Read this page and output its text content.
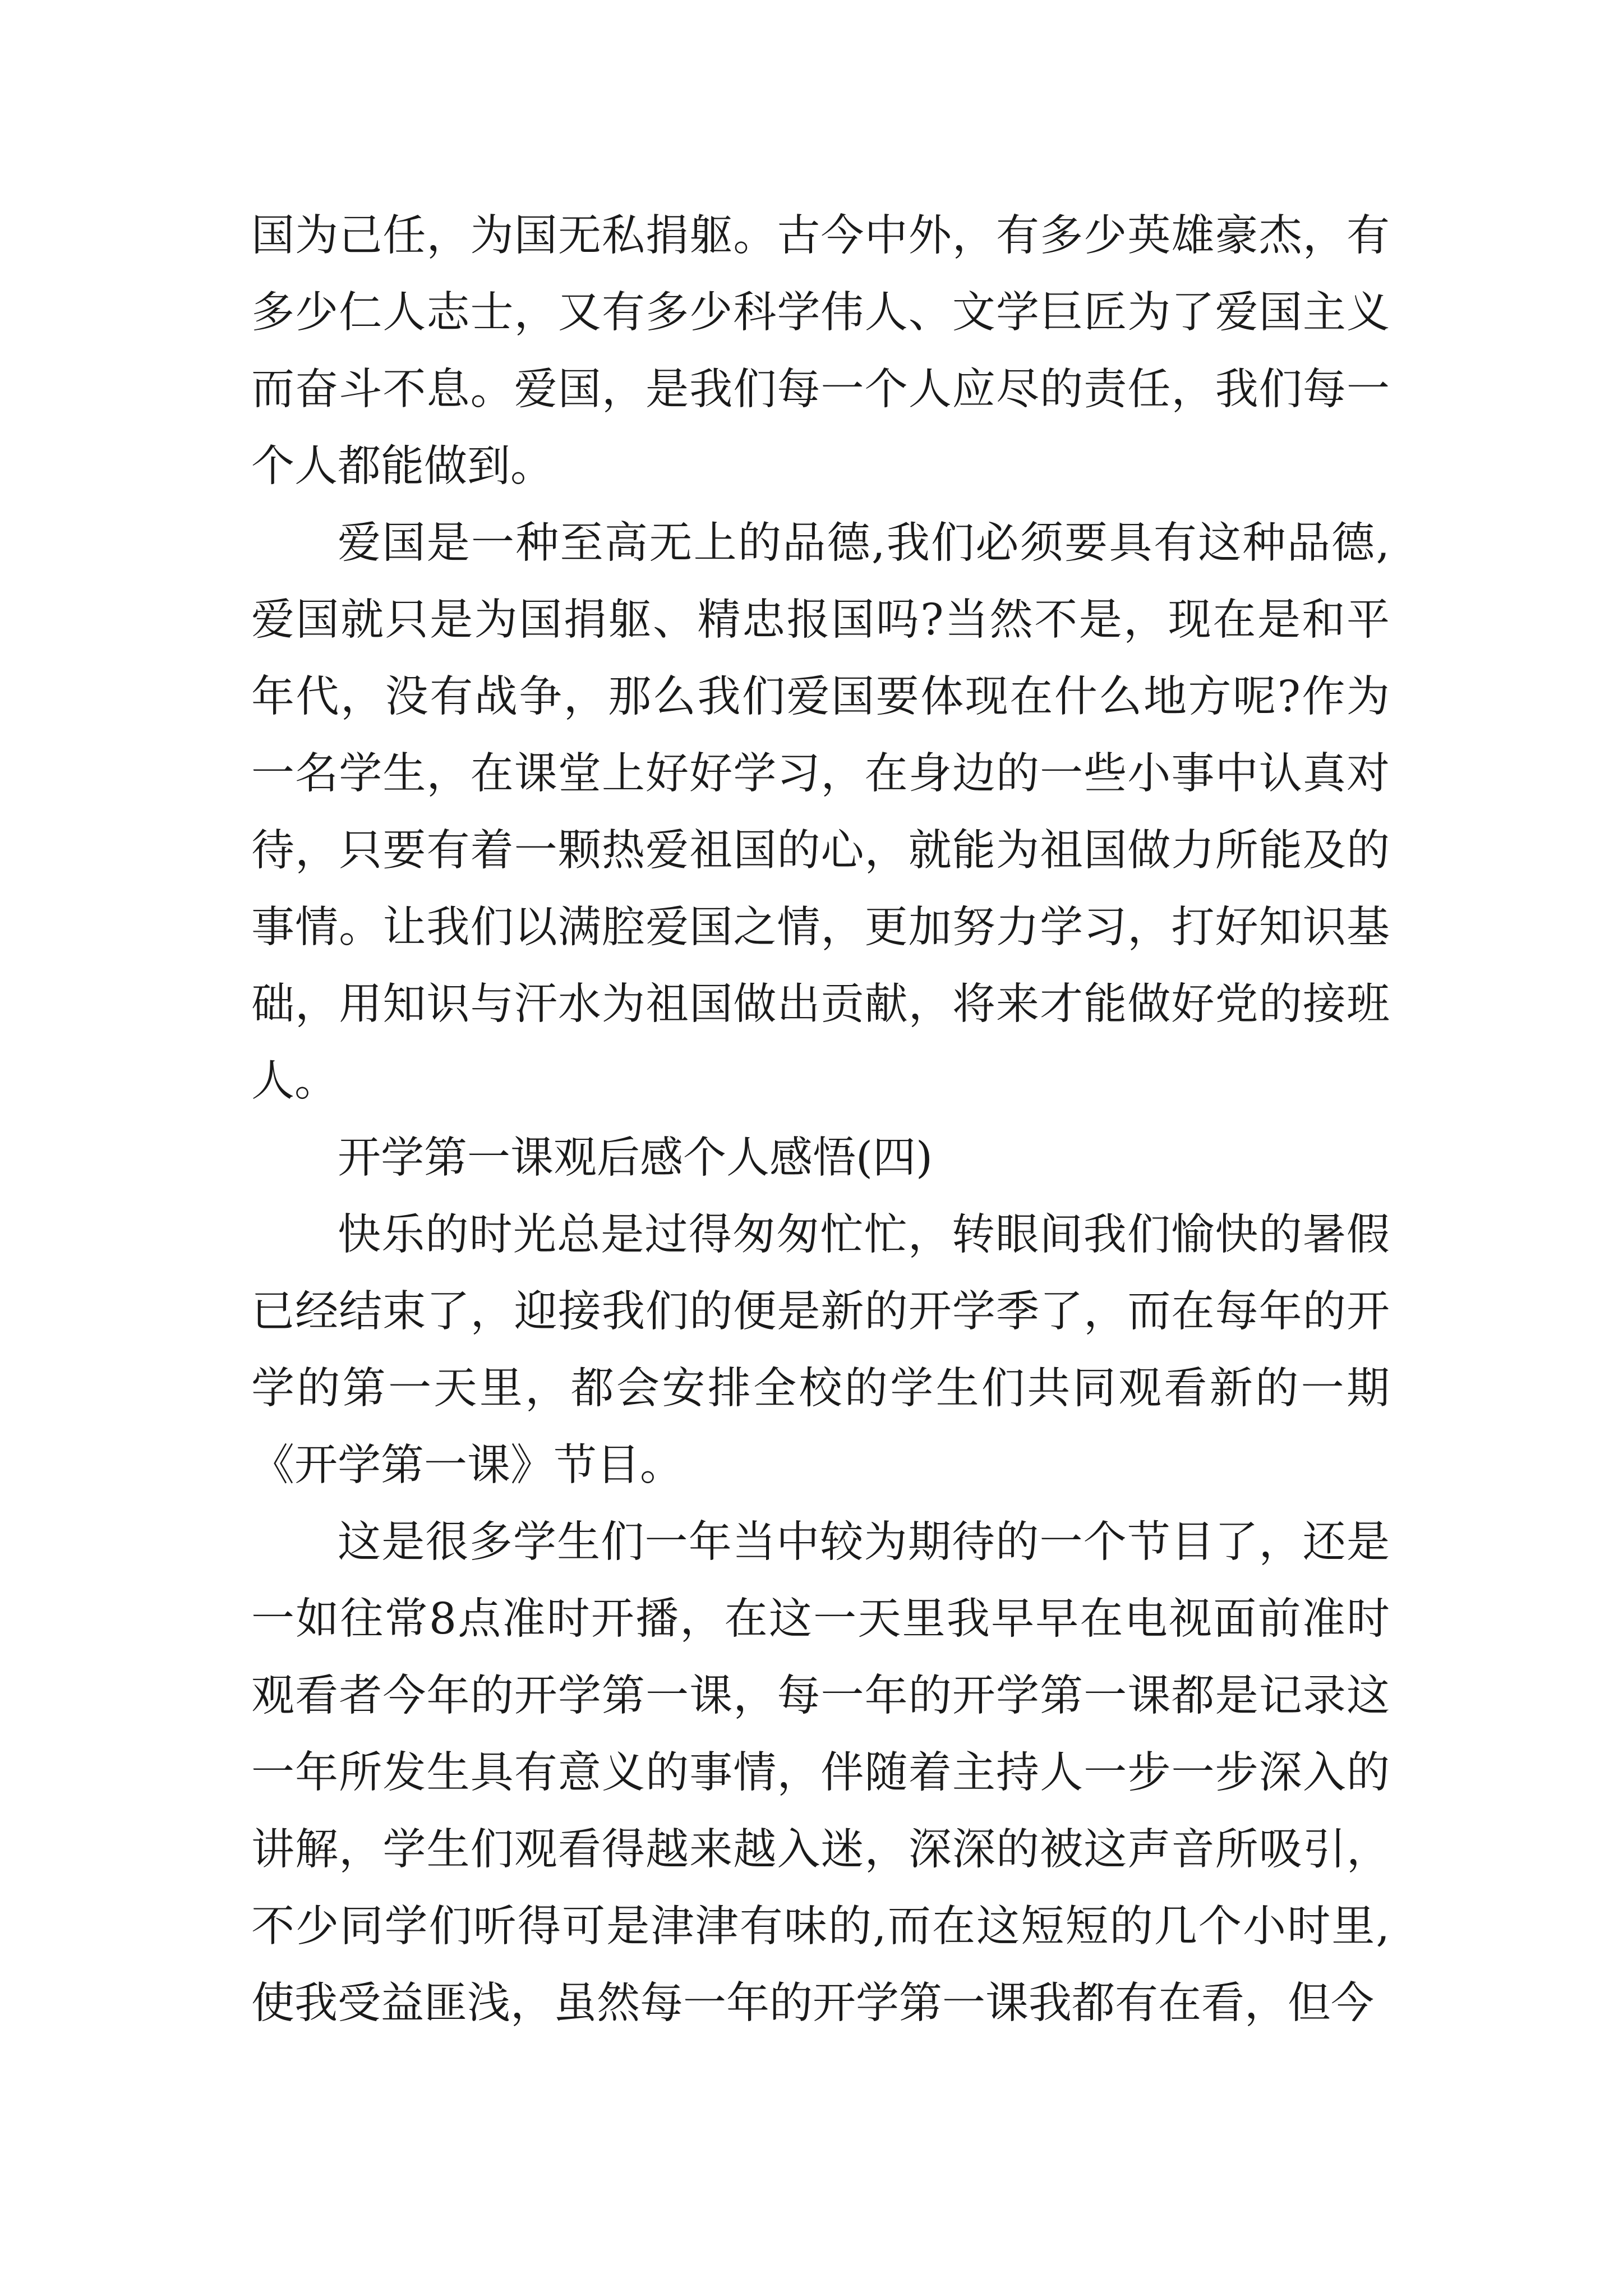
国为己任，为国无私捐躯。古今中外，有多少英雄豪杰，有多少仁人志士，又有多少科学伟人、文学巨匠为了爱国主义而奋斗不息。爱国，是我们每一个人应尽的责任，我们每一个人都能做到。

爱国是一种至高无上的品德,我们必须要具有这种品德,爱国就只是为国捐躯、精忠报国吗?当然不是，现在是和平年代，没有战争，那么我们爱国要体现在什么地方呢?作为一名学生，在课堂上好好学习，在身边的一些小事中认真对待，只要有着一颗热爱祖国的心，就能为祖国做力所能及的事情。让我们以满腔爱国之情，更加努力学习，打好知识基础，用知识与汗水为祖国做出贡献，将来才能做好党的接班人。

开学第一课观后感个人感悟(四)

快乐的时光总是过得匆匆忙忙，转眼间我们愉快的暑假已经结束了，迎接我们的便是新的开学季了，而在每年的开学的第一天里，都会安排全校的学生们共同观看新的一期《开学第一课》节目。

这是很多学生们一年当中较为期待的一个节目了，还是一如往常8点准时开播，在这一天里我早早在电视面前准时观看者今年的开学第一课，每一年的开学第一课都是记录这一年所发生具有意义的事情，伴随着主持人一步一步深入的讲解，学生们观看得越来越入迷，深深的被这声音所吸引，不少同学们听得可是津津有味的,而在这短短的几个小时里,使我受益匪浅，虽然每一年的开学第一课我都有在看，但今
